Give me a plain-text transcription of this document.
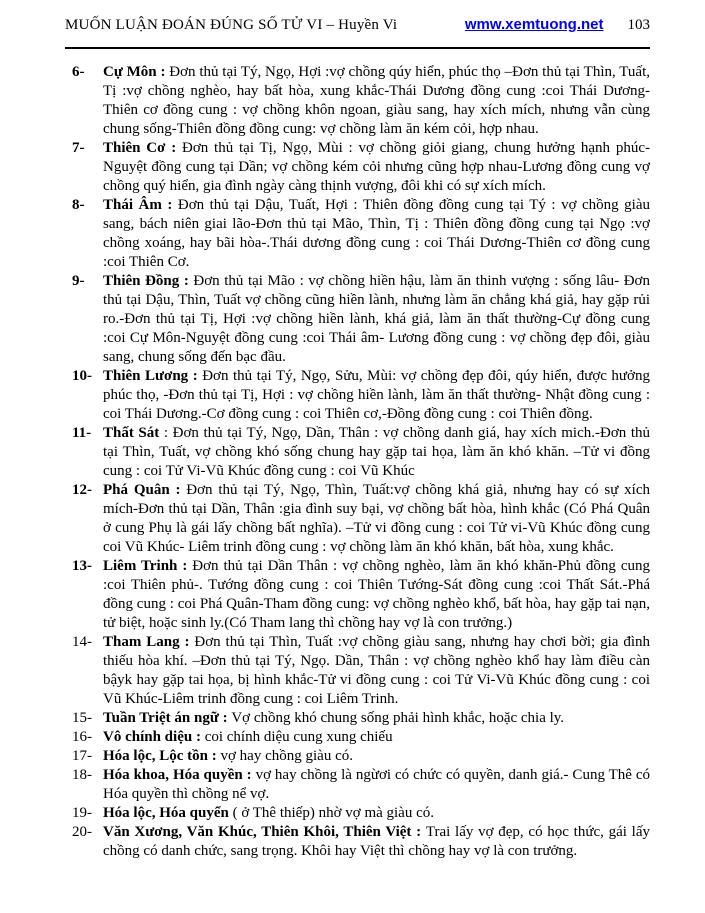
MUỐN LUẬN ĐOÁN ĐÚNG SỐ TỬ VI – Huyền Vi	wmw.xemtuong.net 103
6-	Cự Môn : Đơn thủ tại Tý, Ngọ, Hợi :vợ chồng qúy hiển, phúc thọ –Đơn thủ tại Thìn, Tuất, Tị :vợ chồng nghèo, hay bất hòa, xung khắc-Thái Dương đồng cung :coi Thái Dương-Thiên cơ đồng cung : vợ chồng khôn ngoan, giàu sang, hay xích mích, nhưng vẫn cùng chung sống-Thiên đồng đồng cung: vợ chồng làm ăn kém cỏi, hợp nhau.
7-	Thiên Cơ : Đơn thủ tại Tị, Ngọ, Mùi : vợ chồng giỏi giang, chung hưởng hạnh phúc-Nguyệt đồng cung tại Dần; vợ chồng kém cỏi nhưng cũng hợp nhau-Lương đồng cung vợ chồng quý hiển, gia đình ngày càng thịnh vượng, đôi khi có sự xích mích.
8-	Thái Âm : Đơn thủ tại Dậu, Tuất, Hợi : Thiên đồng đồng cung tại Tý : vợ chồng giàu sang, bách niên giai lão-Đơn thủ tại Mão, Thìn, Tị : Thiên đồng đồng cung tại Ngọ :vợ chồng xoáng, hay bãi hòa-.Thái dương đồng cung : coi Thái Dương-Thiên cơ đồng cung :coi Thiên Cơ.
9-	Thiên Đồng : Đơn thủ tại Mão : vợ chồng hiền hậu, làm ăn thinh vượng : sống lâu- Đơn thủ tại Dậu, Thìn, Tuất vợ chồng cũng hiền lành, nhưng làm ăn chẳng khá giả, hay gặp rủi ro.-Đơn thủ tại Tị, Hợi :vợ chồng hiền lành, khá giả, làm ăn thất thường-Cự đồng cung :coi Cự Môn-Nguyệt đồng cung :coi Thái âm- Lương đồng cung : vợ chồng đẹp đôi, giàu sang, chung sống đến bạc đầu.
10- Thiên Lương : Đơn thủ tại Tý, Ngọ, Sửu, Mùi: vợ chồng đẹp đôi, qúy hiển, được hưởng phúc thọ, -Đơn thủ tại Tị, Hợi : vợ chồng hiền lành, làm ăn thất thường- Nhật đồng cung : coi Thái Dương.-Cơ đồng cung : coi Thiên cơ,-Đồng đồng cung : coi Thiên đồng.
11- Thất Sát : Đơn thủ tại Tý, Ngọ, Dần, Thân : vợ chồng danh giá, hay xích mich.-Đơn thủ tại Thìn, Tuất, vợ chồng khó sống chung hay gặp tai họa, làm ăn khó khăn. –Tử vi đồng cung : coi Tử Vi-Vũ Khúc đồng cung : coi Vũ Khúc
12- Phá Quân : Đơn thủ tại Tý, Ngọ, Thìn, Tuất:vợ chồng khá giả, nhưng hay có sự xích mích-Đơn thủ tại Dần, Thân :gia đình suy bại, vợ chồng bất hòa, hình khắc (Có Phá Quân ở cung Phụ là gái lấy chồng bất nghĩa). –Tử vi đồng cung : coi Tử vi-Vũ Khúc đồng cung coi Vũ Khúc- Liêm trinh đồng cung : vợ chồng làm ăn khó khăn, bất hòa, xung khắc.
13- Liêm Trinh : Đơn thủ tại Dần Thân : vợ chồng nghèo, làm ăn khó khăn-Phủ đồng cung :coi Thiên phủ-. Tướng đồng cung : coi Thiên Tướng-Sát đồng cung :coi Thất Sát.-Phá đồng cung : coi Phá Quân-Tham đồng cung: vợ chồng nghèo khổ, bất hòa, hay gặp tai nạn, tử biệt, hoặc sinh ly.(Có Tham lang thì chồng hay vợ là con trưởng.)
14- Tham Lang : Đơn thủ tại Thìn, Tuất :vợ chồng giàu sang, nhưng hay chơi bời; gia đình thiếu hòa khí. –Đơn thủ tại Tý, Ngọ. Dần, Thân : vợ chồng nghèo khổ hay làm điều càn bậyk hay gặp tai họa, bị hình khắc-Tử vi đồng cung : coi Tử Vi-Vũ Khúc đồng cung : coi Vũ Khúc-Liêm trinh đồng cung : coi Liêm Trinh.
15- Tuần Triệt án ngữ : Vợ chồng khó chung sống phải hình khắc, hoặc chia ly.
16- Vô chính diệu : coi chính diệu cung xung chiếu
17- Hóa lộc, Lộc tồn : vợ hay chồng giàu có.
18- Hóa khoa, Hóa quyền : vợ hay chồng là ngừơi có chức có quyền, danh giá.- Cung Thê có Hóa quyền thì chồng nể vợ.
19- Hóa lộc, Hóa quyển ( ở Thê thiếp) nhờ vợ mà giàu có.
20- Văn Xương, Văn Khúc, Thiên Khôi, Thiên Việt : Trai lấy vợ đẹp, có học thức, gái lấy chồng có danh chức, sang trọng. Khôi hay Việt thì chồng hay vợ là con trưởng.
